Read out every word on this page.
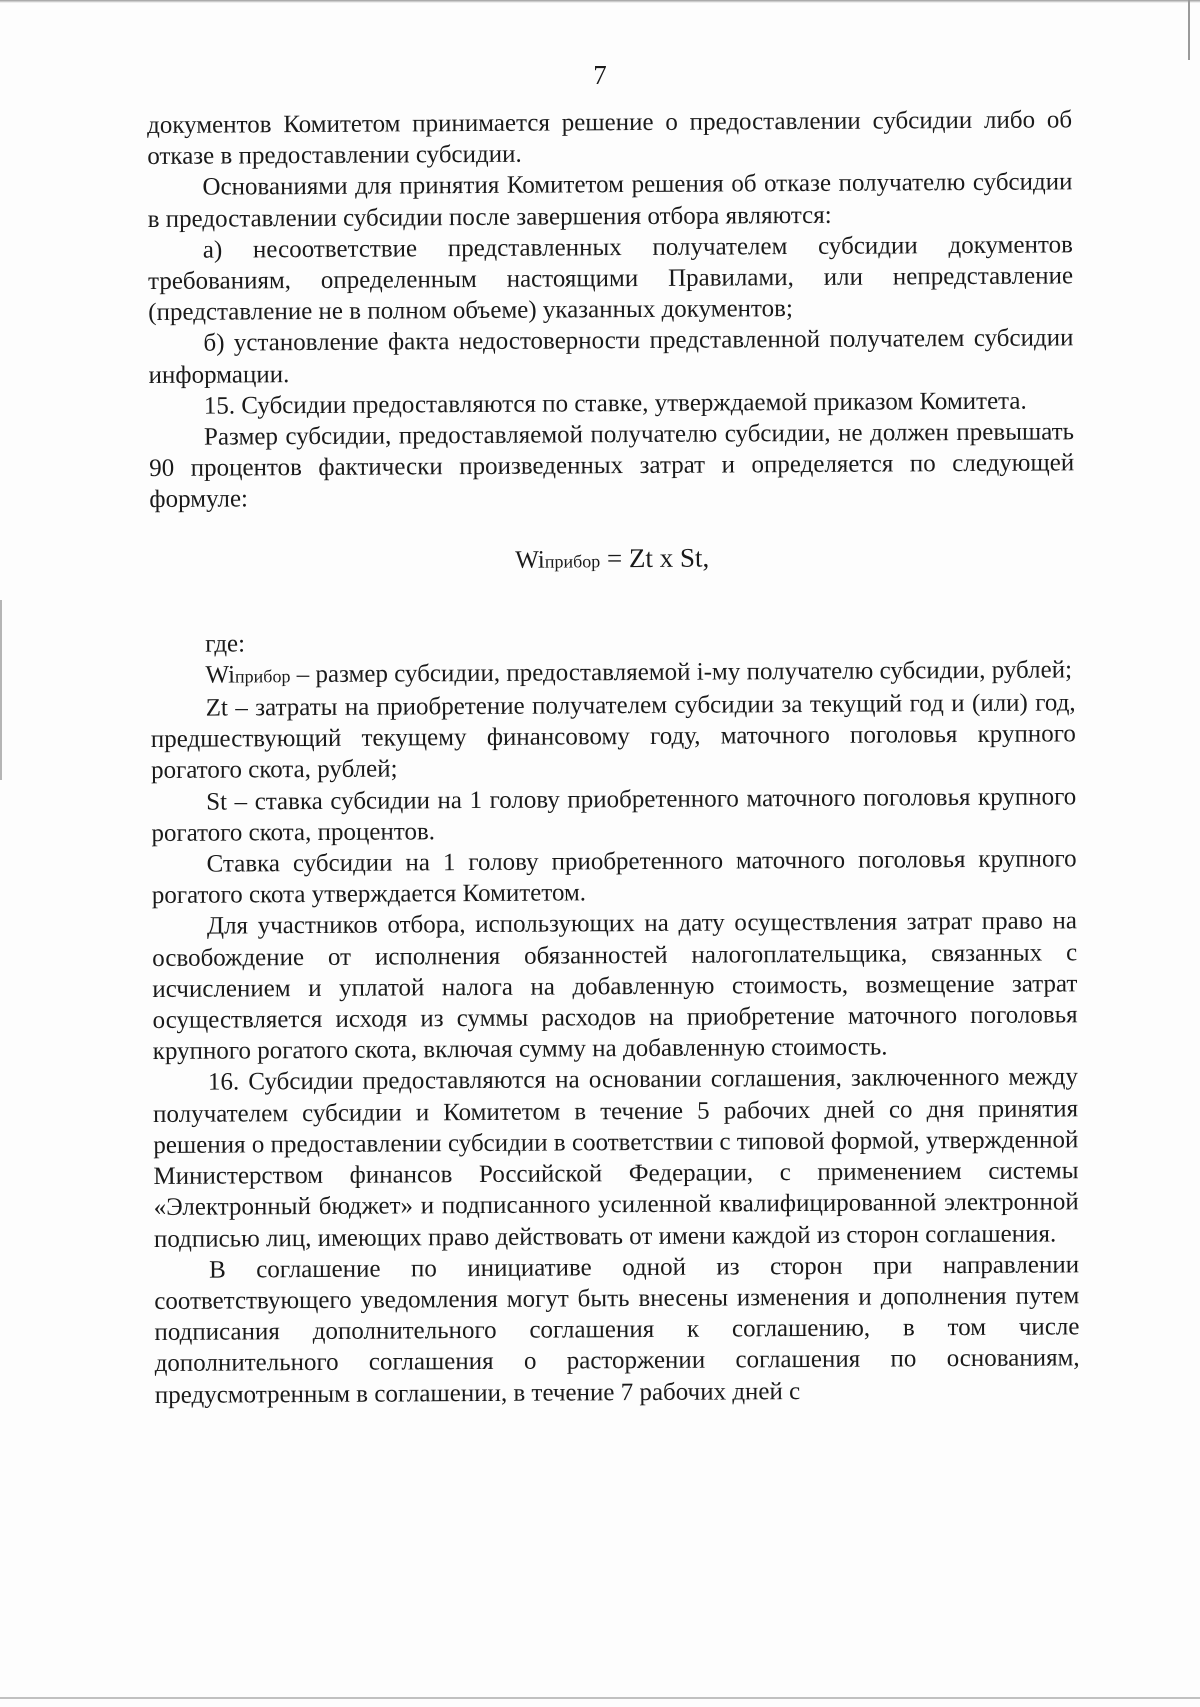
7

документов Комитетом принимается решение о предоставлении субсидии либо об отказе в предоставлении субсидии.

Основаниями для принятия Комитетом решения об отказе получателю субсидии в предоставлении субсидии после завершения отбора являются:

а) несоответствие представленных получателем субсидии документов требованиям, определенным настоящими Правилами, или непредставление (представление не в полном объеме) указанных документов;

б) установление факта недостоверности представленной получателем субсидии информации.

15. Субсидии предоставляются по ставке, утверждаемой приказом Комитета.

Размер субсидии, предоставляемой получателю субсидии, не должен превышать 90 процентов фактически произведенных затрат и определяется по следующей формуле:

Wiприбор = Zt x St,

где:

Wiприбор – размер субсидии, предоставляемой i-му получателю субсидии, рублей;

Zt – затраты на приобретение получателем субсидии за текущий год и (или) год, предшествующий текущему финансовому году, маточного поголовья крупного рогатого скота, рублей;

St – ставка субсидии на 1 голову приобретенного маточного поголовья крупного рогатого скота, процентов.

Ставка субсидии на 1 голову приобретенного маточного поголовья крупного рогатого скота утверждается Комитетом.

Для участников отбора, использующих на дату осуществления затрат право на освобождение от исполнения обязанностей налогоплательщика, связанных с исчислением и уплатой налога на добавленную стоимость, возмещение затрат осуществляется исходя из суммы расходов на приобретение маточного поголовья крупного рогатого скота, включая сумму на добавленную стоимость.

16. Субсидии предоставляются на основании соглашения, заключенного между получателем субсидии и Комитетом в течение 5 рабочих дней со дня принятия решения о предоставлении субсидии в соответствии с типовой формой, утвержденной Министерством финансов Российской Федерации, с применением системы «Электронный бюджет» и подписанного усиленной квалифицированной электронной подписью лиц, имеющих право действовать от имени каждой из сторон соглашения.

В соглашение по инициативе одной из сторон при направлении соответствующего уведомления могут быть внесены изменения и дополнения путем подписания дополнительного соглашения к соглашению, в том числе дополнительного соглашения о расторжении соглашения по основаниям, предусмотренным в соглашении, в течение 7 рабочих дней с
